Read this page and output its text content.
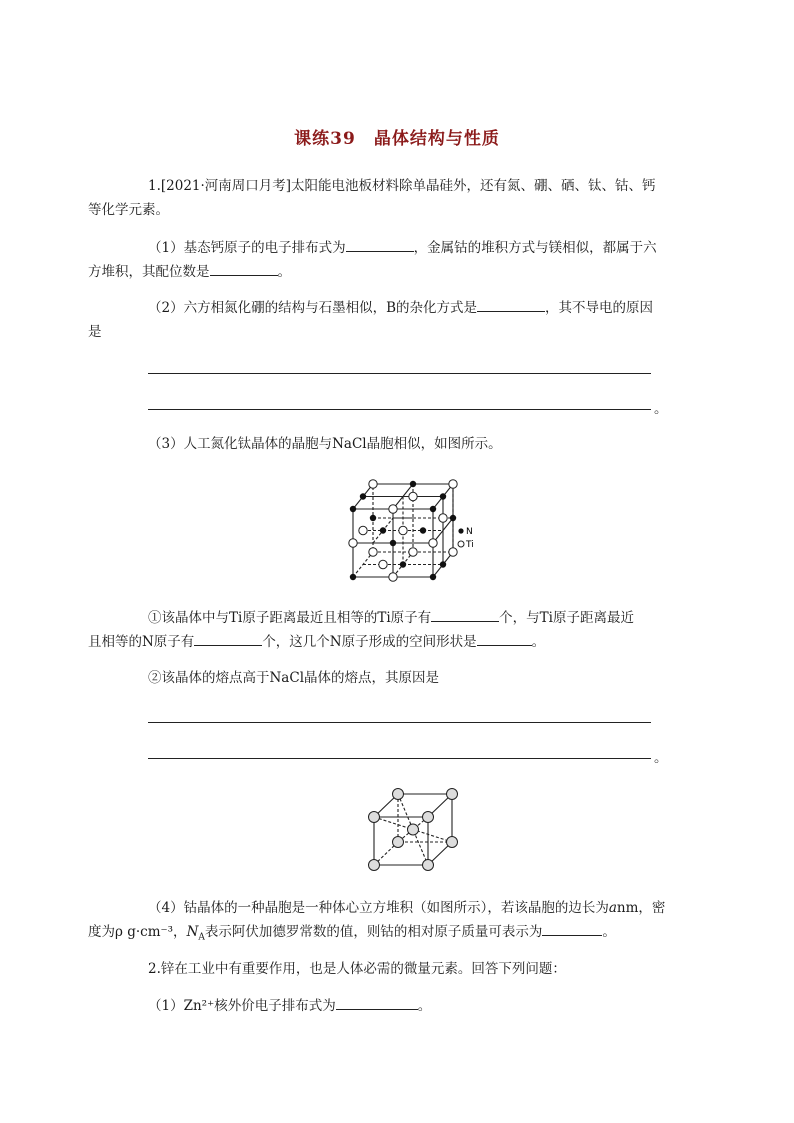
课练39　晶体结构与性质

1.[2021·河南周口月考]太阳能电池板材料除单晶硅外，还有氮、硼、硒、钛、钴、钙
等化学元素。

（1）基态钙原子的电子排布式为	，金属钴的堆积方式与镁相似，都属于六
方堆积，其配位数是	。

（2）六方相氮化硼的结构与石墨相似，B的杂化方式是	，其不导电的原因
是

。

（3）人工氮化钛晶体的晶胞与NaCl晶胞相似，如图所示。

N
Ti

①该晶体中与Ti原子距离最近且相等的Ti原子有	个，与Ti原子距离最近
且相等的N原子有	个，这几个N原子形成的空间形状是	。

②该晶体的熔点高于NaCl晶体的熔点，其原因是

。

（4）钴晶体的一种晶胞是一种体心立方堆积（如图所示），若该晶胞的边长为anm，密
度为ρ g·cm⁻³，$N_A$表示阿伏加德罗常数的值，则钴的相对原子质量可表示为	。

2.锌在工业中有重要作用，也是人体必需的微量元素。回答下列问题：

（1）Zn²⁺核外价电子排布式为	。
